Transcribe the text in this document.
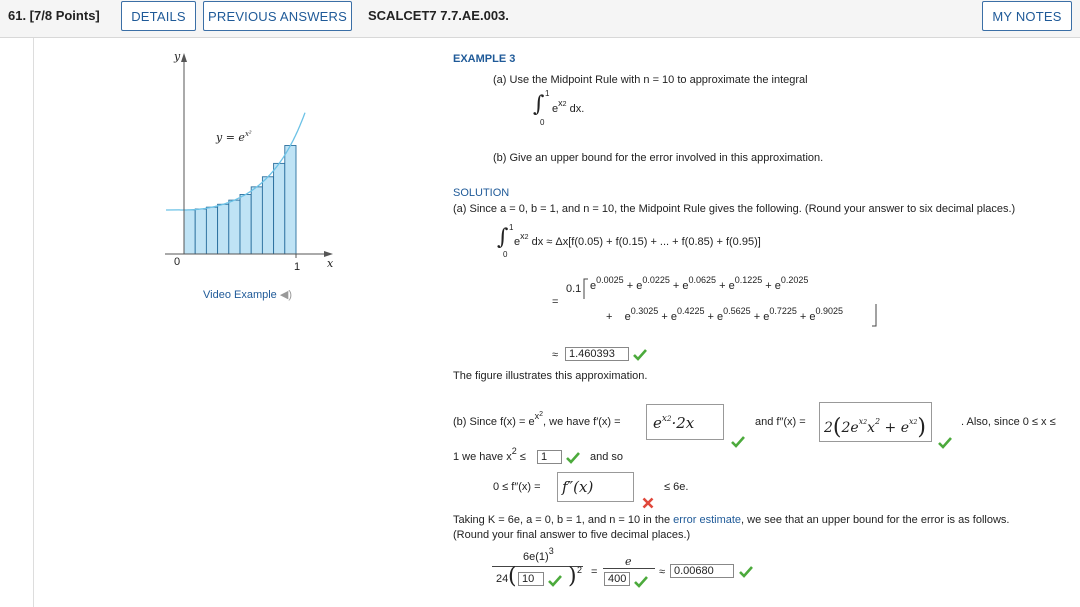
61. [7/8 Points]	DETAILS	PREVIOUS ANSWERS	SCALCET7 7.7.AE.003.	MY NOTES
y
x
0	1
$y = e^{x^2}$
Video Example ◀)
EXAMPLE 3
(a) Use the Midpoint Rule with n = 10 to approximate the integral
∫ 1
0
$e^{x2}$ dx.
(b) Give an upper bound for the error involved in this approximation.
SOLUTION
(a) Since a = 0, b = 1, and n = 10, the Midpoint Rule gives the following. (Round your answer to six decimal places.)
∫ 1
0
$e^{x2}$ dx ≈ Δx[f(0.05) + f(0.15) + ... + f(0.85) + f(0.95)]
=
0.1 $e^{0.0025} + e^{0.0225} + e^{0.0625} + e^{0.1225} + e^{0.2025}$
+    $e^{0.3025} + e^{0.4225} + e^{0.5625} + e^{0.7225} + e^{0.9025}$
≈ 1.460393
The figure illustrates this approximation.
(b) Since $f(x) = e^{x^2}$, we have $f'(x) = e^{x2}\cdot 2x$	and $f''(x) = 2(2e^{x2}x^2 + e^{x2})$	. Also, since 0 ≤ x ≤
1 we have $x^2$ ≤	1	and so
0 ≤ f″(x) = f″(x)	≤ 6e.
Taking K = 6e, a = 0, b = 1, and n = 10 in the error estimate, we see that an upper bound for the error is as follows.
(Round your final answer to five decimal places.)
$6e(1)^3$
24 ( 10	) 2 =
e
400
≈ 0.00680
